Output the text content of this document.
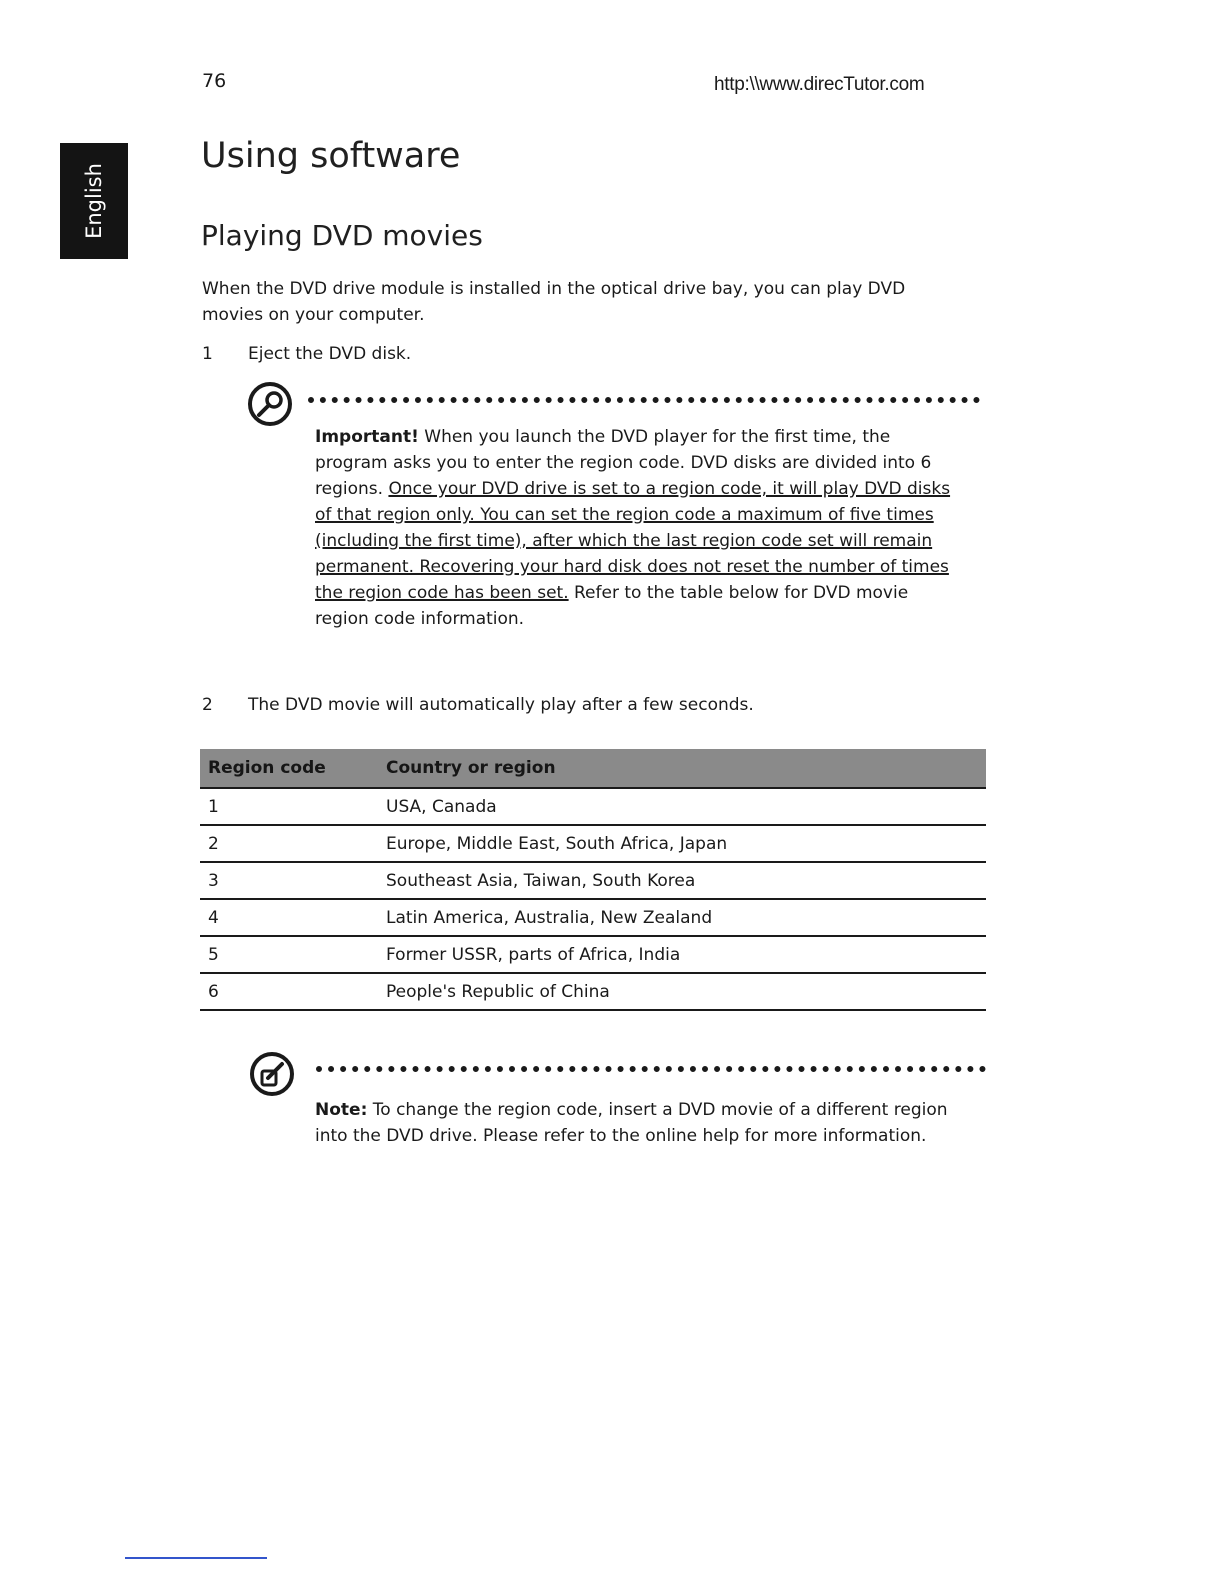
76	http:\\www.direcTutor.com
English
Using software
Playing DVD movies

When the DVD drive module is installed in the optical drive bay, you can play DVD movies on your computer.

1 Eject the DVD disk.

Important! When you launch the DVD player for the first time, the program asks you to enter the region code. DVD disks are divided into 6 regions. Once your DVD drive is set to a region code, it will play DVD disks of that region only. You can set the region code a maximum of five times (including the first time), after which the last region code set will remain permanent. Recovering your hard disk does not reset the number of times the region code has been set. Refer to the table below for DVD movie region code information.

2 The DVD movie will automatically play after a few seconds.
Region code	Country or region
1	USA, Canada
2	Europe, Middle East, South Africa, Japan
3	Southeast Asia, Taiwan, South Korea
4	Latin America, Australia, New Zealand
5	Former USSR, parts of Africa, India
6	People's Republic of China

Note: To change the region code, insert a DVD movie of a different region into the DVD drive. Please refer to the online help for more information.
